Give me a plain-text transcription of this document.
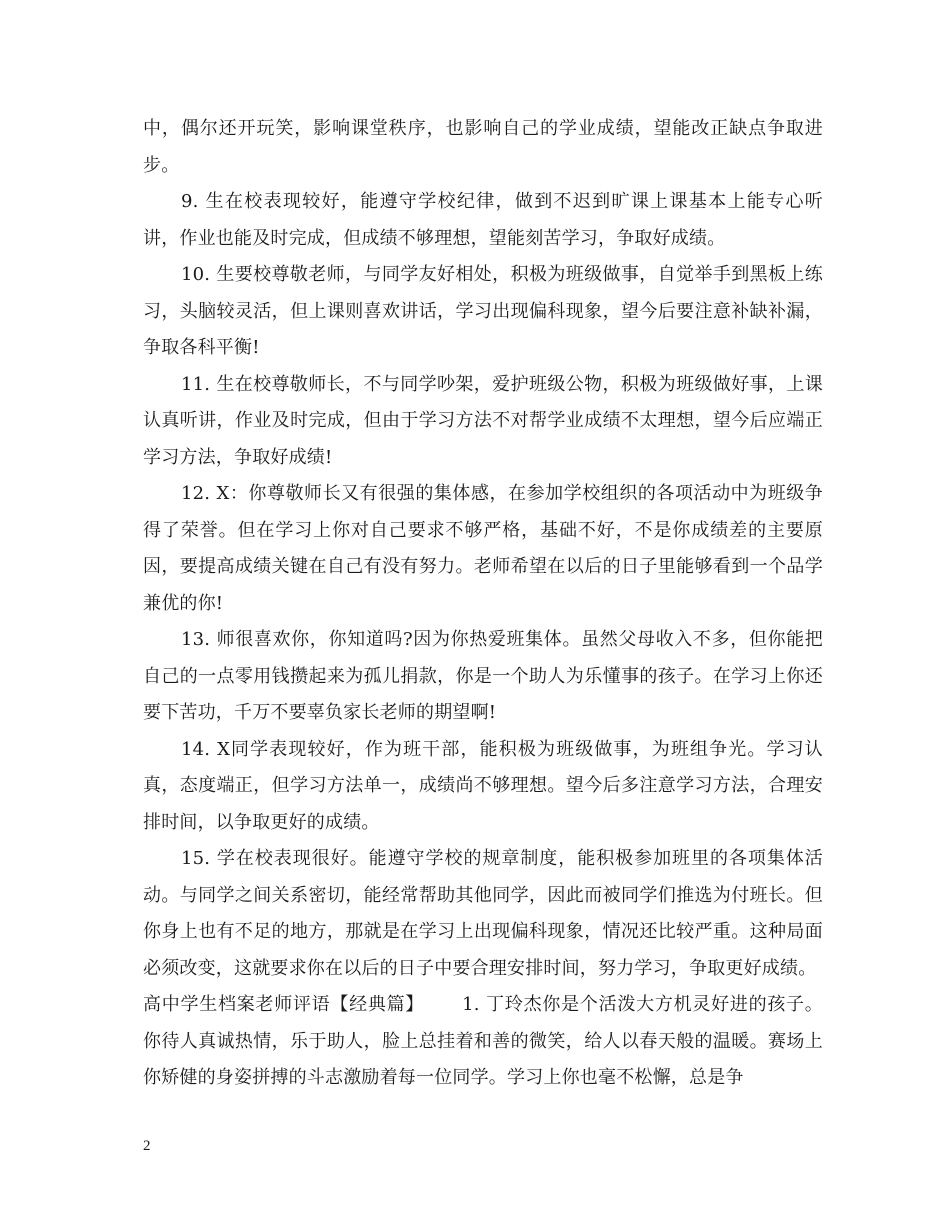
中，偶尔还开玩笑，影响课堂秩序，也影响自己的学业成绩，望能改正缺点争取进步。

9. 生在校表现较好，能遵守学校纪律，做到不迟到旷课上课基本上能专心听讲，作业也能及时完成，但成绩不够理想，望能刻苦学习，争取好成绩。

10. 生要校尊敬老师，与同学友好相处，积极为班级做事，自觉举手到黑板上练习，头脑较灵活，但上课则喜欢讲话，学习出现偏科现象，望今后要注意补缺补漏，争取各科平衡!

11. 生在校尊敬师长，不与同学吵架，爱护班级公物，积极为班级做好事，上课认真听讲，作业及时完成，但由于学习方法不对帮学业成绩不太理想，望今后应端正学习方法，争取好成绩!

12. X：你尊敬师长又有很强的集体感，在参加学校组织的各项活动中为班级争得了荣誉。但在学习上你对自己要求不够严格，基础不好，不是你成绩差的主要原因，要提高成绩关键在自己有没有努力。老师希望在以后的日子里能够看到一个品学兼优的你!

13. 师很喜欢你，你知道吗?因为你热爱班集体。虽然父母收入不多，但你能把自己的一点零用钱攒起来为孤儿捐款，你是一个助人为乐懂事的孩子。在学习上你还要下苦功，千万不要辜负家长老师的期望啊!

14. X同学表现较好，作为班干部，能积极为班级做事，为班组争光。学习认真，态度端正，但学习方法单一，成绩尚不够理想。望今后多注意学习方法，合理安排时间，以争取更好的成绩。

15. 学在校表现很好。能遵守学校的规章制度，能积极参加班里的各项集体活动。与同学之间关系密切，能经常帮助其他同学，因此而被同学们推选为付班长。但你身上也有不足的地方，那就是在学习上出现偏科现象，情况还比较严重。这种局面必须改变，这就要求你在以后的日子中要合理安排时间，努力学习，争取更好成绩。

高中学生档案老师评语【经典篇】 1. 丁玲杰你是个活泼大方机灵好进的孩子。你待人真诚热情，乐于助人，脸上总挂着和善的微笑，给人以春天般的温暖。赛场上你矫健的身姿拼搏的斗志激励着每一位同学。学习上你也毫不松懈，总是争

2
